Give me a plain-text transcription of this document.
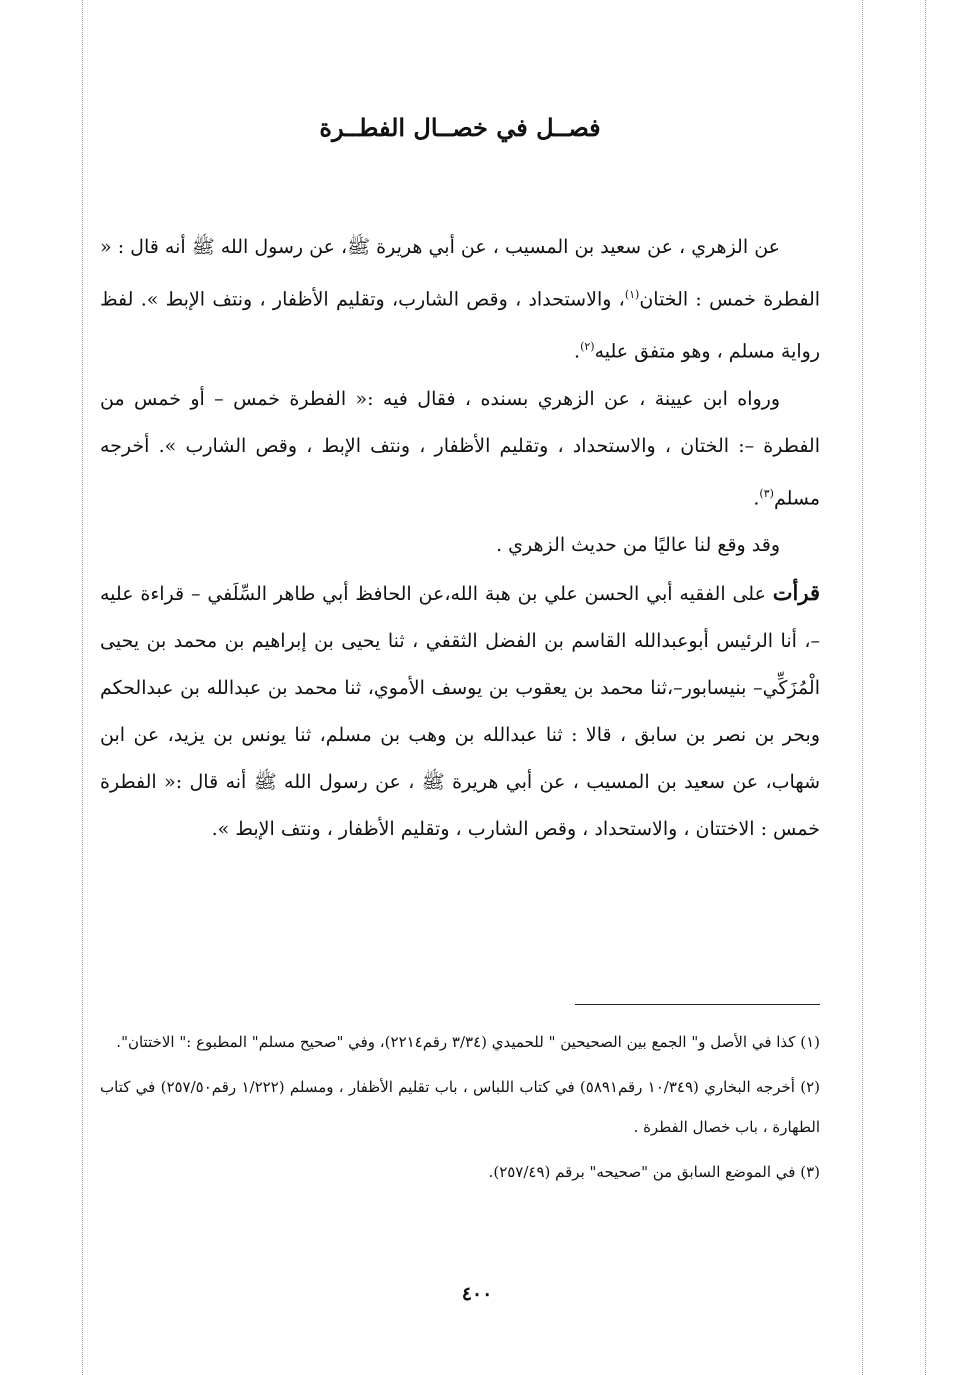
فصــل في خصــال الفطــرة

عن الزهري ، عن سعيد بن المسيب ، عن أبي هريرة ﷺ، عن رسول الله ﷺ أنه قال : « الفطرة خمس : الختان$^{(١)}$، والاستحداد ، وقص الشارب، وتقليم الأظفار ، ونتف الإبط ». لفظ رواية مسلم ، وهو متفق عليه$^{(٢)}$.

ورواه ابن عيينة ، عن الزهري بسنده ، فقال فيه :« الفطرة خمس – أو خمس من الفطرة –: الختان ، والاستحداد ، وتقليم الأظفار ، ونتف الإبط ، وقص الشارب ». أخرجه مسلم$^{(٣)}$.

وقد وقع لنا عاليًا من حديث الزهري .

قرأت على الفقيه أبي الحسن علي بن هبة الله،عن الحافظ أبي طاهر السِّلَفي – قراءة عليه –، أنا الرئيس أبوعبدالله القاسم بن الفضل الثقفي ، ثنا يحيى بن إبراهيم بن محمد بن يحيى الْمُزَكِّي– بنيسابور–،ثنا محمد بن يعقوب بن يوسف الأموي، ثنا محمد بن عبدالله بن عبدالحكم وبحر بن نصر بن سابق ، قالا : ثنا عبدالله بن وهب بن مسلم، ثنا يونس بن يزيد، عن ابن شهاب، عن سعيد بن المسيب ، عن أبي هريرة ﷺ ، عن رسول الله ﷺ أنه قال :« الفطرة خمس : الاختتان ، والاستحداد ، وقص الشارب ، وتقليم الأظفار ، ونتف الإبط ».

(١) كذا في الأصل و" الجمع بين الصحيحين " للحميدي (٣/٣٤ رقم٢٢١٤)، وفي "صحيح مسلم" المطبوع :" الاختتان".

(٢) أخرجه البخاري (١٠/٣٤٩ رقم٥٨٩١) في كتاب اللباس ، باب تقليم الأظفار ، ومسلم (١/٢٢٢ رقم٢٥٧/٥٠) في كتاب الطهارة ، باب خصال الفطرة .

(٣) في الموضع السابق من "صحيحه" برقم (٢٥٧/٤٩).

٤٠٠
